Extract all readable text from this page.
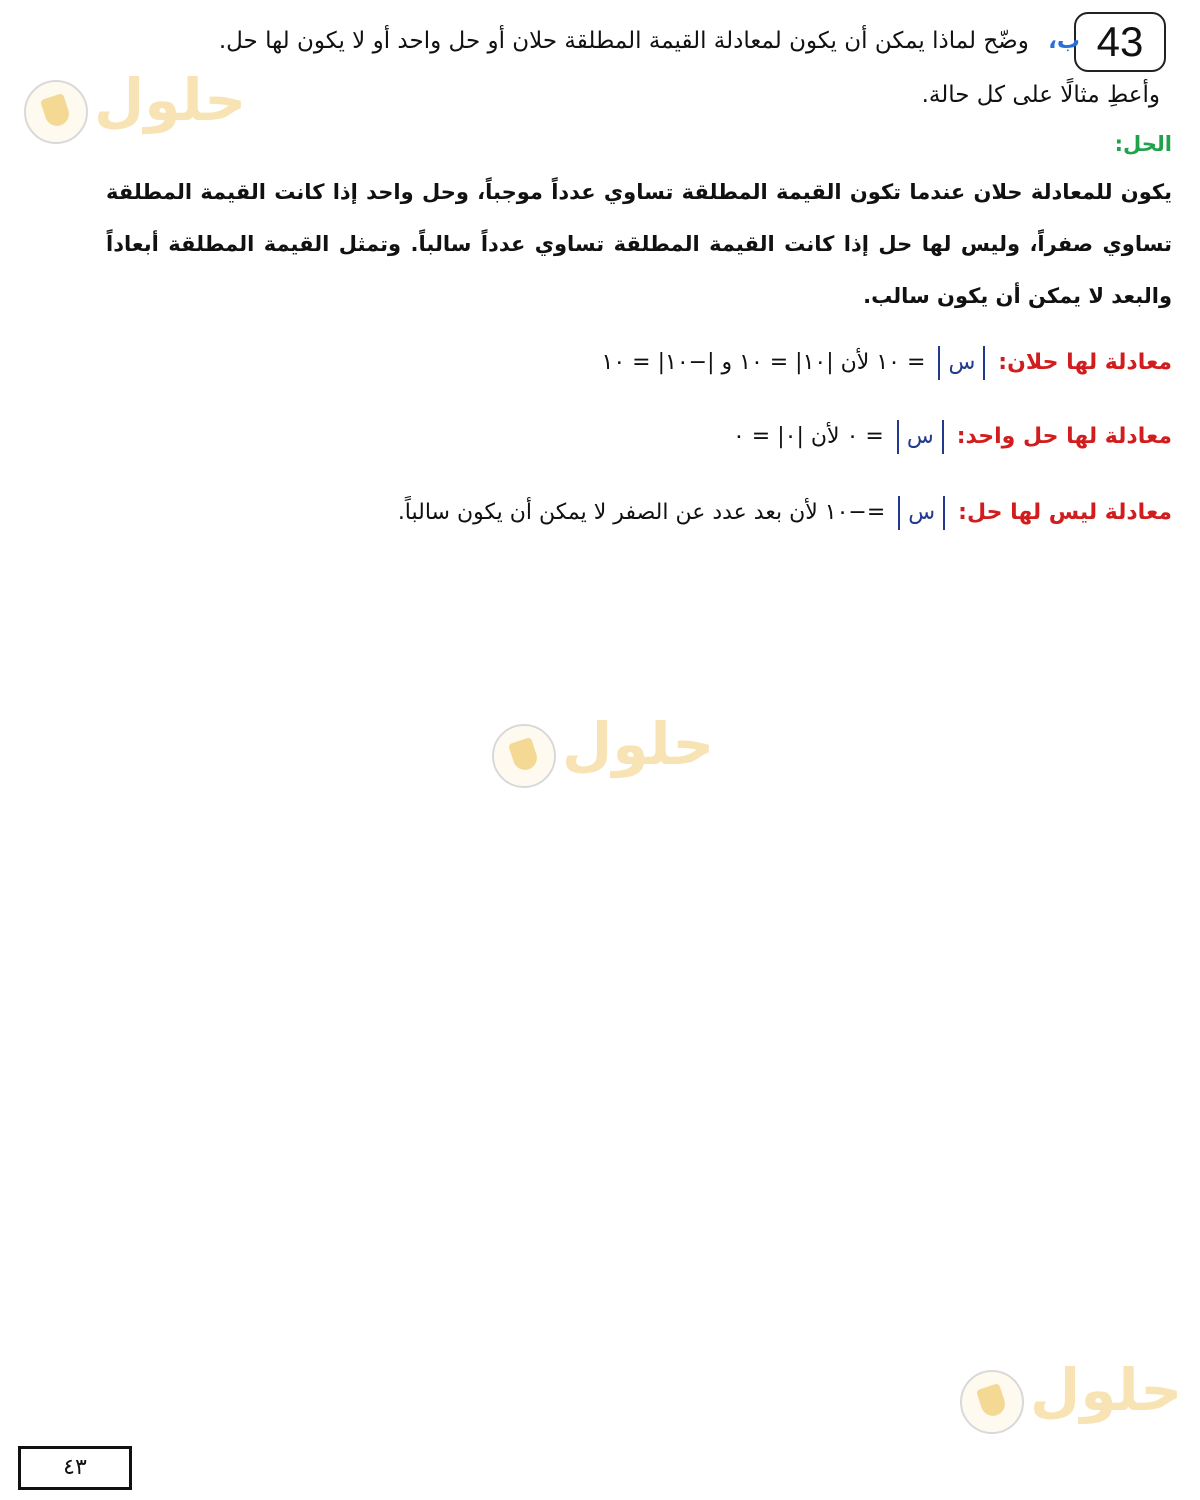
43
ب، وضّح لماذا يمكن أن يكون لمعادلة القيمة المطلقة حلان أو حل واحد أو لا يكون لها حل.
وأعطِ مثالًا على كل حالة.
الحل:
يكون للمعادلة حلان عندما تكون القيمة المطلقة تساوي عدداً موجباً، وحل واحد إذا كانت القيمة المطلقة تساوي صفراً، وليس لها حل إذا كانت القيمة المطلقة تساوي عدداً سالباً. وتمثل القيمة المطلقة أبعاداً والبعد لا يمكن أن يكون سالب.
معادلة لها حلان: س = ١٠ لأن |١٠| = ١٠ و |−١٠| = ١٠
معادلة لها حل واحد: س = ٠ لأن |٠| = ٠
معادلة ليس لها حل: س =−١٠ لأن بعد عدد عن الصفر لا يمكن أن يكون سالباً.
حلول
حلول
حلول
٤٣
